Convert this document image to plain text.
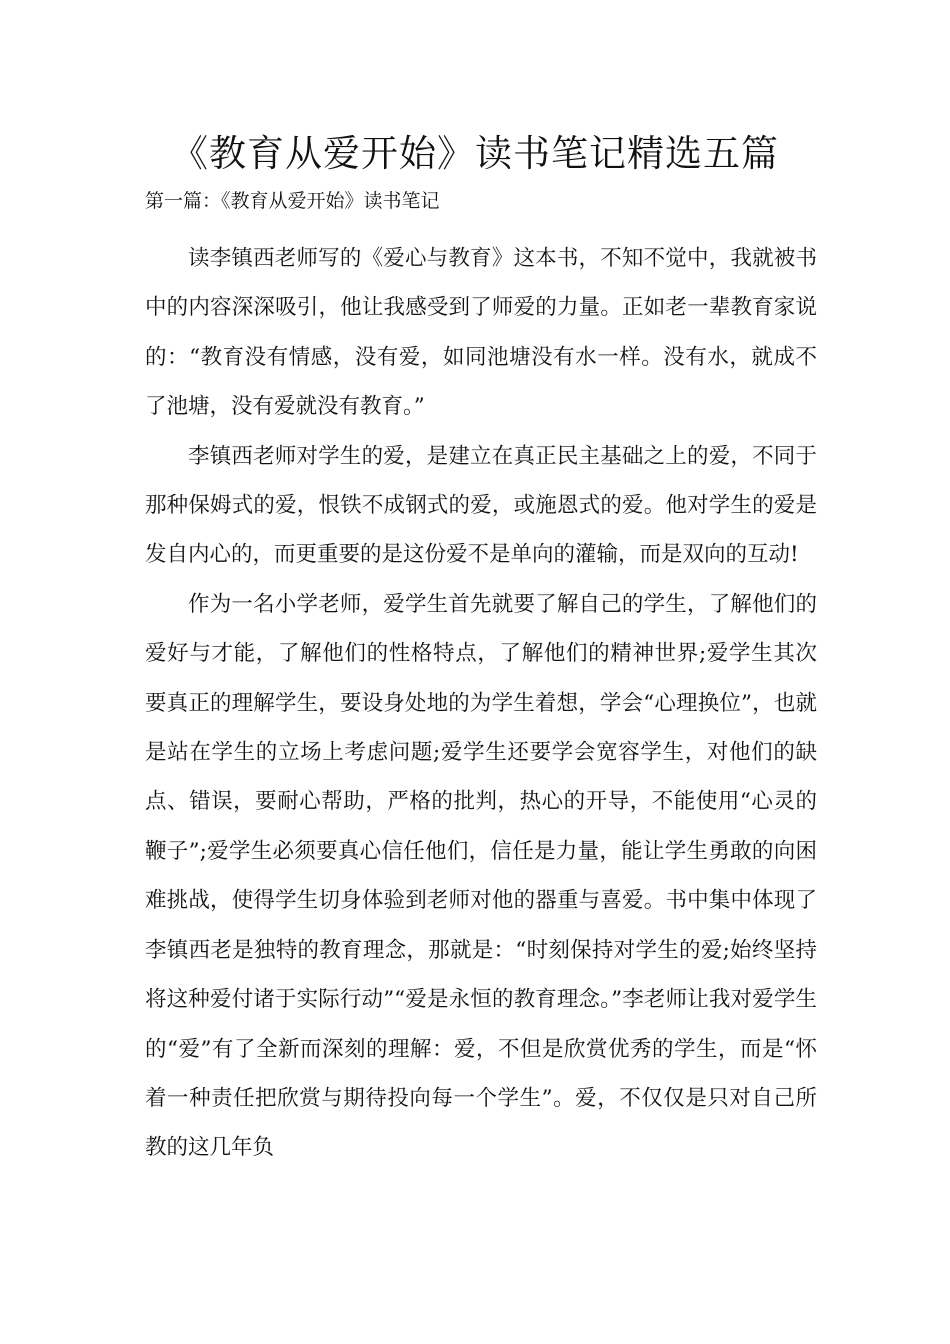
《教育从爱开始》读书笔记精选五篇

第一篇：《教育从爱开始》读书笔记

读李镇西老师写的《爱心与教育》这本书，不知不觉中，我就被书中的内容深深吸引，他让我感受到了师爱的力量。正如老一辈教育家说的：“教育没有情感，没有爱，如同池塘没有水一样。没有水，就成不了池塘，没有爱就没有教育。”

李镇西老师对学生的爱，是建立在真正民主基础之上的爱，不同于那种保姆式的爱，恨铁不成钢式的爱，或施恩式的爱。他对学生的爱是发自内心的，而更重要的是这份爱不是单向的灌输，而是双向的互动!

作为一名小学老师，爱学生首先就要了解自己的学生，了解他们的爱好与才能，了解他们的性格特点，了解他们的精神世界;爱学生其次要真正的理解学生，要设身处地的为学生着想，学会“心理换位”，也就是站在学生的立场上考虑问题;爱学生还要学会宽容学生，对他们的缺点、错误，要耐心帮助，严格的批判，热心的开导，不能使用“心灵的鞭子”;爱学生必须要真心信任他们，信任是力量，能让学生勇敢的向困难挑战，使得学生切身体验到老师对他的器重与喜爱。书中集中体现了李镇西老是独特的教育理念，那就是：“时刻保持对学生的爱;始终坚持将这种爱付诸于实际行动”“爱是永恒的教育理念。”李老师让我对爱学生的“爱”有了全新而深刻的理解：爱，不但是欣赏优秀的学生，而是“怀着一种责任把欣赏与期待投向每一个学生”。爱，不仅仅是只对自己所教的这几年负
